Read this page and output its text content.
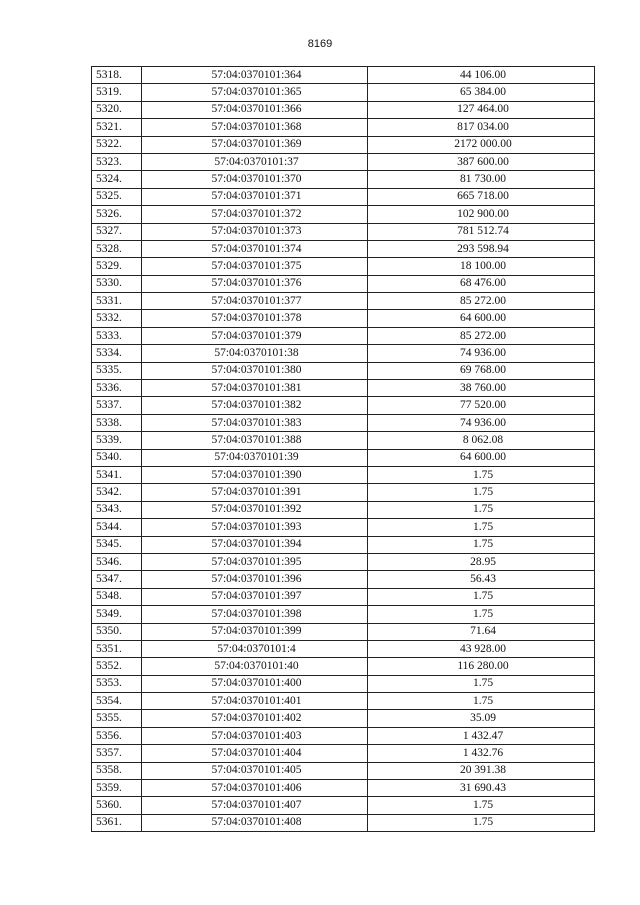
8169
5318.	57:04:0370101:364	44 106.00
5319.	57:04:0370101:365	65 384.00
5320.	57:04:0370101:366	127 464.00
5321.	57:04:0370101:368	817 034.00
5322.	57:04:0370101:369	2172 000.00
5323.	57:04:0370101:37	387 600.00
5324.	57:04:0370101:370	81 730.00
5325.	57:04:0370101:371	665 718.00
5326.	57:04:0370101:372	102 900.00
5327.	57:04:0370101:373	781 512.74
5328.	57:04:0370101:374	293 598.94
5329.	57:04:0370101:375	18 100.00
5330.	57:04:0370101:376	68 476.00
5331.	57:04:0370101:377	85 272.00
5332.	57:04:0370101:378	64 600.00
5333.	57:04:0370101:379	85 272.00
5334.	57:04:0370101:38	74 936.00
5335.	57:04:0370101:380	69 768.00
5336.	57:04:0370101:381	38 760.00
5337.	57:04:0370101:382	77 520.00
5338.	57:04:0370101:383	74 936.00
5339.	57:04:0370101:388	8 062.08
5340.	57:04:0370101:39	64 600.00
5341.	57:04:0370101:390	1.75
5342.	57:04:0370101:391	1.75
5343.	57:04:0370101:392	1.75
5344.	57:04:0370101:393	1.75
5345.	57:04:0370101:394	1.75
5346.	57:04:0370101:395	28.95
5347.	57:04:0370101:396	56.43
5348.	57:04:0370101:397	1.75
5349.	57:04:0370101:398	1.75
5350.	57:04:0370101:399	71.64
5351.	57:04:0370101:4	43 928.00
5352.	57:04:0370101:40	116 280.00
5353.	57:04:0370101:400	1.75
5354.	57:04:0370101:401	1.75
5355.	57:04:0370101:402	35.09
5356.	57:04:0370101:403	1 432.47
5357.	57:04:0370101:404	1 432.76
5358.	57:04:0370101:405	20 391.38
5359.	57:04:0370101:406	31 690.43
5360.	57:04:0370101:407	1.75
5361.	57:04:0370101:408	1.75
